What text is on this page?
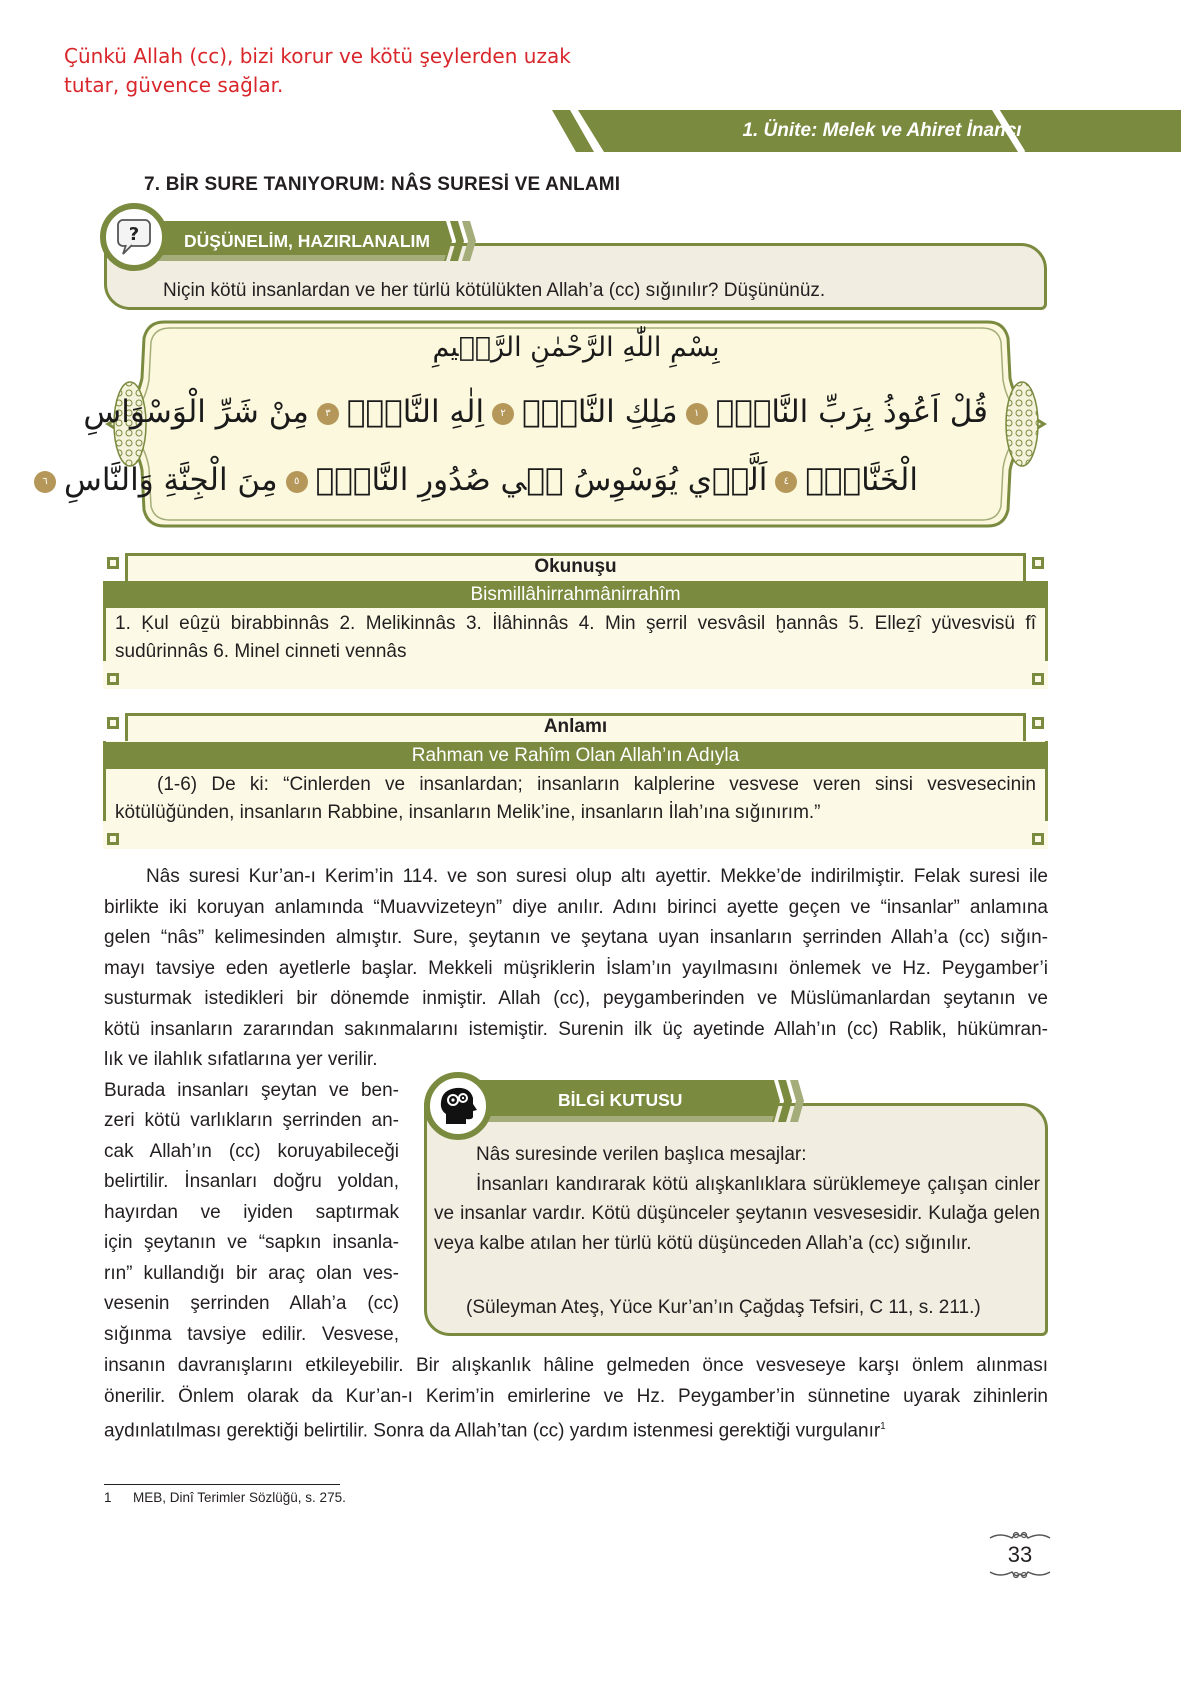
Çünkü Allah (cc), bizi korur ve kötü şeylerden uzak tutar, güvence sağlar.
1. Ünite: Melek ve Ahiret İnancı
7. BİR SURE TANIYORUM: NÂS SURESİ VE ANLAMI
Niçin kötü insanlardan ve her türlü kötülükten Allah’a (cc) sığınılır? Düşününüz.
DÜŞÜNELİM, HAZIRLANALIM
?
بِسْمِ اللّٰهِ الرَّحْمٰنِ الرَّح۪يمِ
قُلْ اَعُوذُ بِرَبِّ النَّاسِۙ١مَلِكِ النَّاسِۙ٢اِلٰهِ النَّاسِۙ٣مِنْ شَرِّ الْوَسْوَاسِ
الْخَنَّاسِۙ٤اَلَّذ۪ي يُوَسْوِسُ ف۪ي صُدُورِ النَّاسِۙ٥مِنَ الْجِنَّةِ وَالنَّاسِ٦
Okunuşu
Bismillâhirrahmânirrahîm
1. Ḳul eûẕü birabbinnâs 2. Melikinnâs 3. İlâhinnâs 4. Min şerril vesvâsil ḫannâs 5. Elleẕî yüvesvisü fî sudûrinnâs 6. Minel cinneti vennâs
Anlamı
Rahman ve Rahîm Olan Allah’ın Adıyla
(1-6) De ki: “Cinlerden ve insanlardan; insanların kalplerine vesvese veren sinsi vesvesecinin kötülüğünden, insanların Rabbine, insanların Melik’ine, insanların İlah’ına sığınırım.”
Nâs suresi Kur’an-ı Kerim’in 114. ve son suresi olup altı ayettir. Mekke’de indirilmiştir. Felak suresi ile
birlikte iki koruyan anlamında “Muavvizeteyn” diye anılır. Adını birinci ayette geçen ve “insanlar” anlamına
gelen “nâs” kelimesinden almıştır. Sure, şeytanın ve şeytana uyan insanların şerrinden Allah’a (cc) sığın-
mayı tavsiye eden ayetlerle başlar. Mekkeli müşriklerin İslam’ın yayılmasını önlemek ve Hz. Peygamber’i
susturmak istedikleri bir dönemde inmiştir. Allah (cc), peygamberinden ve Müslümanlardan şeytanın ve
kötü insanların zararından sakınmalarını istemiştir. Surenin ilk üç ayetinde Allah’ın (cc) Rablik, hükümran-
lık ve ilahlık sıfatlarına yer verilir.
Burada insanları şeytan ve ben-
zeri kötü varlıkların şerrinden an-
cak Allah’ın (cc) koruyabileceği
belirtilir. İnsanları doğru yoldan,
hayırdan ve iyiden saptırmak
için şeytanın ve “sapkın insanla-
rın” kullandığı bir araç olan ves-
vesenin şerrinden Allah’a (cc)
sığınma tavsiye edilir. Vesvese,
insanın davranışlarını etkileyebilir. Bir alışkanlık hâline gelmeden önce vesveseye karşı önlem alınması
önerilir. Önlem olarak da Kur’an-ı Kerim’in emirlerine ve Hz. Peygamber’in sünnetine uyarak zihinlerin
aydınlatılması gerektiği belirtilir. Sonra da Allah’tan (cc) yardım istenmesi gerektiği vurgulanır$^1$
BİLGİ KUTUSU

Nâs suresinde verilen başlıca mesajlar:

İnsanları kandırarak kötü alışkanlıklara sürüklemeye çalışan cinler ve insanlar vardır. Kötü düşünceler şeytanın vesvesesidir. Kulağa gelen veya kalbe atılan her türlü kötü düşünceden Allah’a (cc) sığınılır.

(Süleyman Ateş, Yüce Kur’an’ın Çağdaş Tefsiri, C 11, s. 211.)
1 MEB, Dinî Terimler Sözlüğü, s. 275.
33
